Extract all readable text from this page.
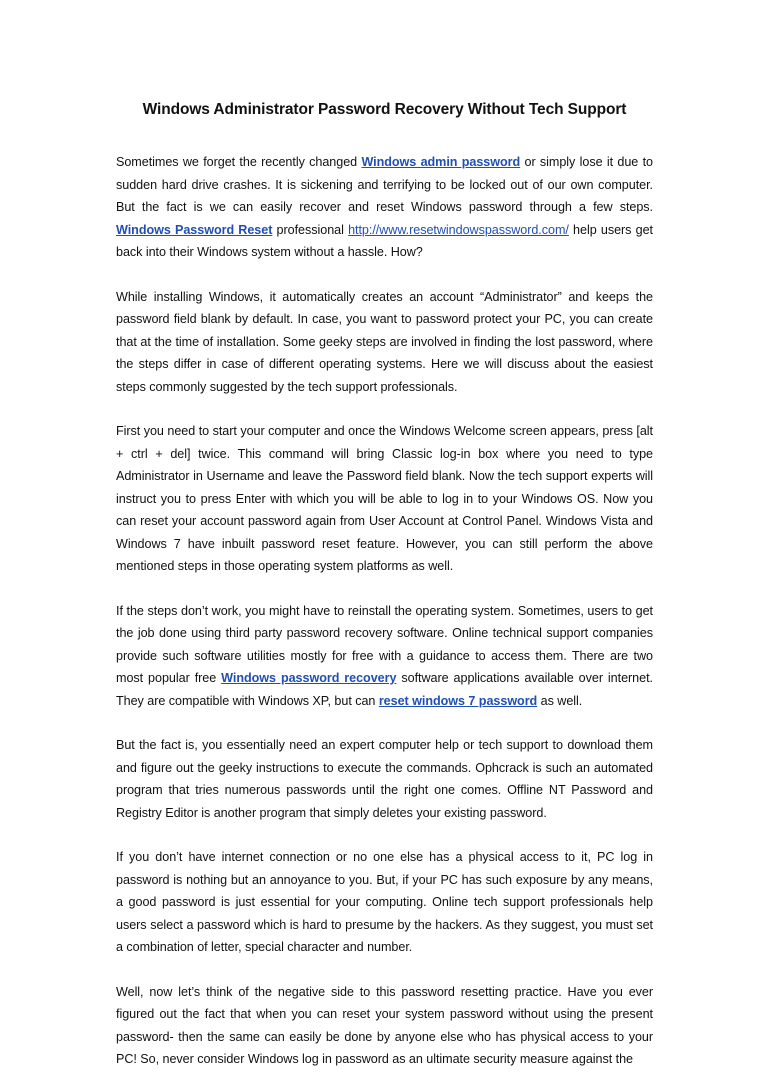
Windows Administrator Password Recovery Without Tech Support

Sometimes we forget the recently changed Windows admin password or simply lose it due to sudden hard drive crashes. It is sickening and terrifying to be locked out of our own computer. But the fact is we can easily recover and reset Windows password through a few steps. Windows Password Reset professional http://www.resetwindowspassword.com/ help users get back into their Windows system without a hassle. How?

While installing Windows, it automatically creates an account “Administrator” and keeps the password field blank by default. In case, you want to password protect your PC, you can create that at the time of installation. Some geeky steps are involved in finding the lost password, where the steps differ in case of different operating systems. Here we will discuss about the easiest steps commonly suggested by the tech support professionals.

First you need to start your computer and once the Windows Welcome screen appears, press [alt + ctrl + del] twice. This command will bring Classic log-in box where you need to type Administrator in Username and leave the Password field blank. Now the tech support experts will instruct you to press Enter with which you will be able to log in to your Windows OS. Now you can reset your account password again from User Account at Control Panel. Windows Vista and Windows 7 have inbuilt password reset feature. However, you can still perform the above mentioned steps in those operating system platforms as well.

If the steps don’t work, you might have to reinstall the operating system. Sometimes, users to get the job done using third party password recovery software. Online technical support companies provide such software utilities mostly for free with a guidance to access them. There are two most popular free Windows password recovery software applications available over internet. They are compatible with Windows XP, but can reset windows 7 password as well.

But the fact is, you essentially need an expert computer help or tech support to download them and figure out the geeky instructions to execute the commands. Ophcrack is such an automated program that tries numerous passwords until the right one comes. Offline NT Password and Registry Editor is another program that simply deletes your existing password.

If you don’t have internet connection or no one else has a physical access to it, PC log in password is nothing but an annoyance to you. But, if your PC has such exposure by any means, a good password is just essential for your computing. Online tech support professionals help users select a password which is hard to presume by the hackers. As they suggest, you must set a combination of letter, special character and number.

Well, now let’s think of the negative side to this password resetting practice. Have you ever figured out the fact that when you can reset your system password without using the present password- then the same can easily be done by anyone else who has physical access to your PC! So, never consider Windows log in password as an ultimate security measure against the
